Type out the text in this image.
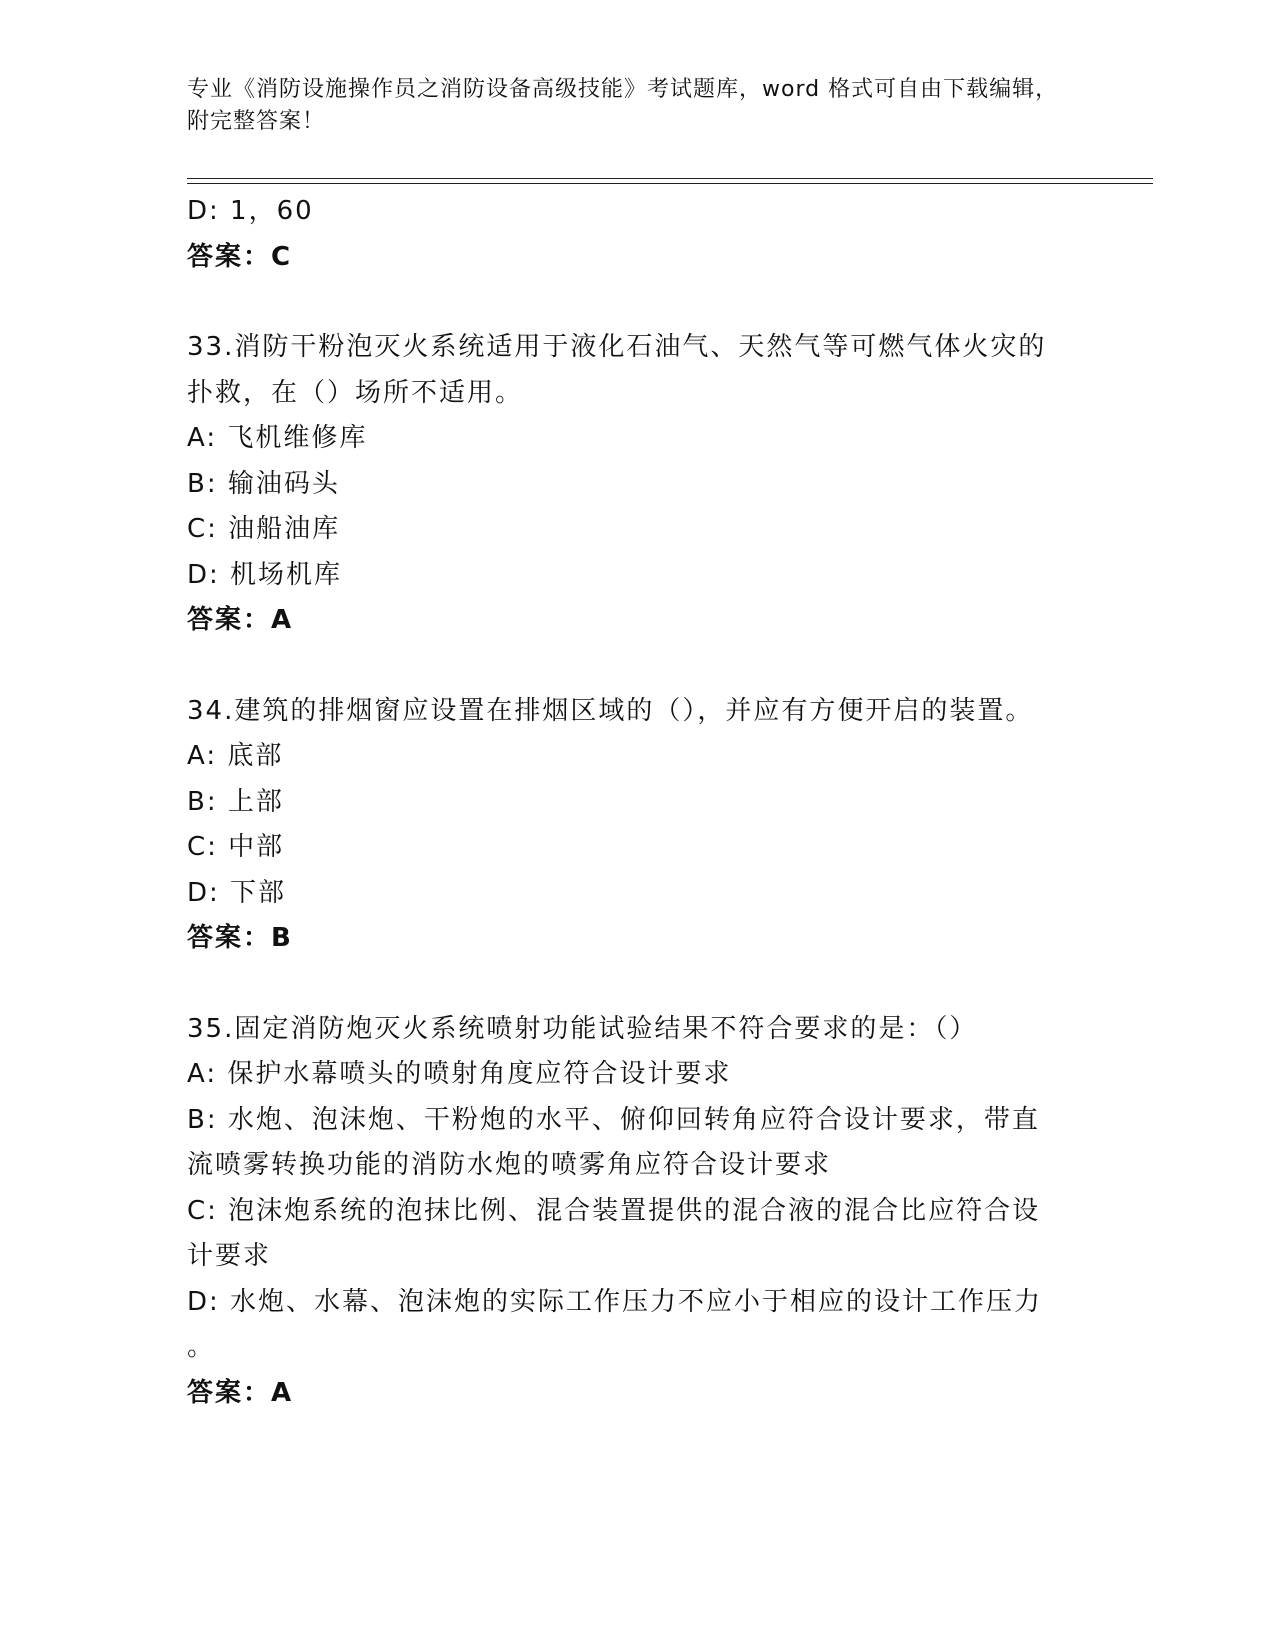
专业《消防设施操作员之消防设备高级技能》考试题库，word 格式可自由下载编辑，附完整答案！

D: 1，60

答案：C

33.消防干粉泡灭火系统适用于液化石油气、天然气等可燃气体火灾的

扑救，在（）场所不适用。

A: 飞机维修库

B: 输油码头

C: 油船油库

D: 机场机库

答案：A

34.建筑的排烟窗应设置在排烟区域的（），并应有方便开启的装置。

A: 底部

B: 上部

C: 中部

D: 下部

答案：B

35.固定消防炮灭火系统喷射功能试验结果不符合要求的是：（）

A: 保护水幕喷头的喷射角度应符合设计要求

B: 水炮、泡沫炮、干粉炮的水平、俯仰回转角应符合设计要求，带直

流喷雾转换功能的消防水炮的喷雾角应符合设计要求

C: 泡沫炮系统的泡抹比例、混合装置提供的混合液的混合比应符合设

计要求

D: 水炮、水幕、泡沫炮的实际工作压力不应小于相应的设计工作压力

。

答案：A
